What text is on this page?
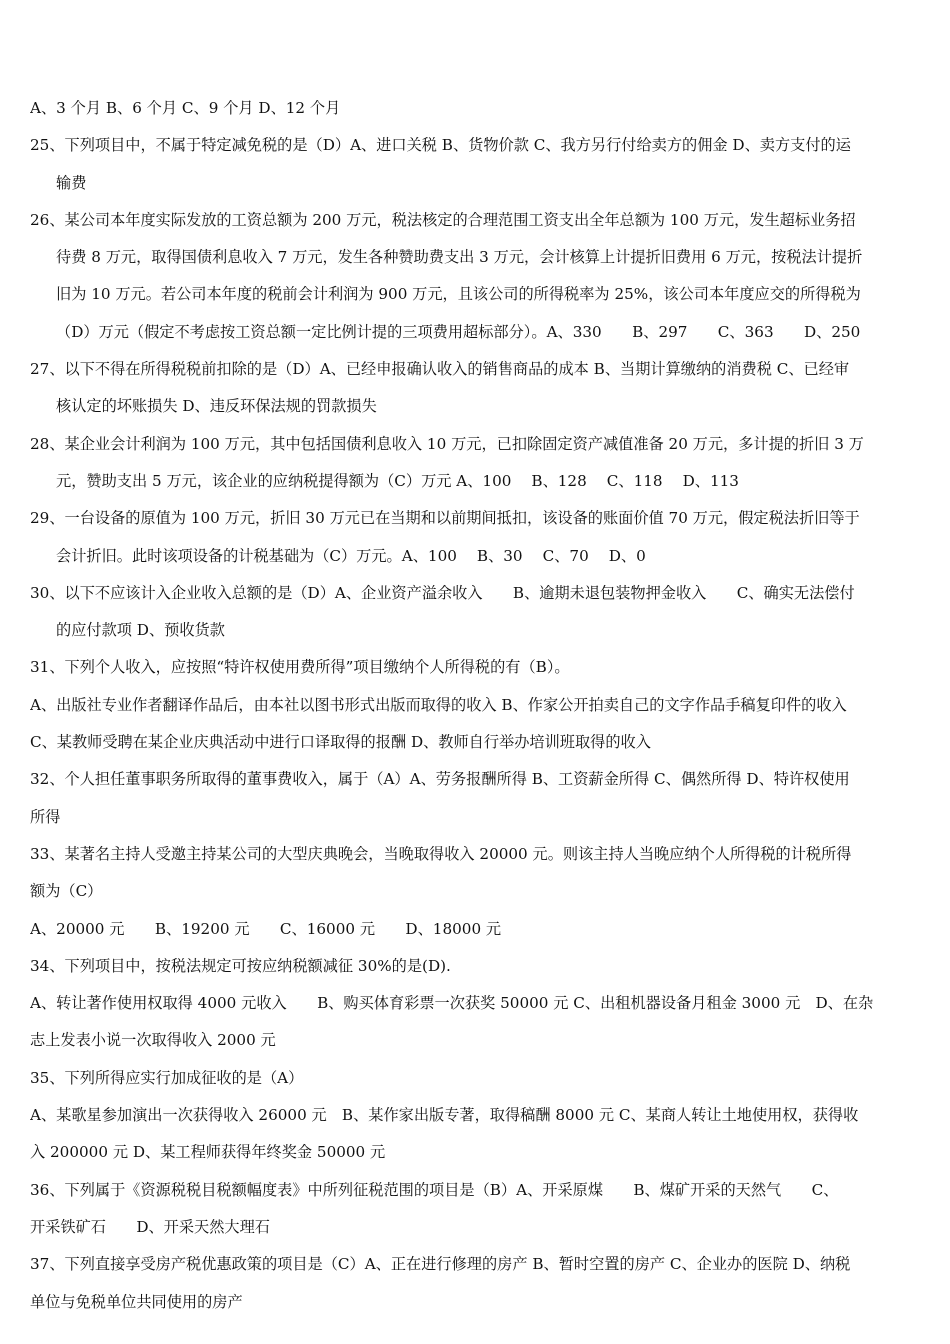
A、3 个月 B、6 个月 C、9 个月 D、12 个月
25、下列项目中，不属于特定减免税的是（D）A、进口关税 B、货物价款 C、我方另行付给卖方的佣金 D、卖方支付的运
输费
26、某公司本年度实际发放的工资总额为 200 万元，税法核定的合理范围工资支出全年总额为 100 万元，发生超标业务招
待费 8 万元，取得国债利息收入 7 万元，发生各种赞助费支出 3 万元，会计核算上计提折旧费用 6 万元，按税法计提折
旧为 10 万元。若公司本年度的税前会计利润为 900 万元，且该公司的所得税率为 25%，该公司本年度应交的所得税为
（D）万元（假定不考虑按工资总额一定比例计提的三项费用超标部分）。A、330　　B、297　　C、363　　D、250
27、以下不得在所得税税前扣除的是（D）A、已经申报确认收入的销售商品的成本 B、当期计算缴纳的消费税 C、已经审
核认定的坏账损失 D、违反环保法规的罚款损失
28、某企业会计利润为 100 万元，其中包括国债利息收入 10 万元，已扣除固定资产减值准备 20 万元，多计提的折旧 3 万
元，赞助支出 5 万元，该企业的应纳税提得额为（C）万元 A、100　 B、128　 C、118　 D、113
29、一台设备的原值为 100 万元，折旧 30 万元已在当期和以前期间抵扣，该设备的账面价值 70 万元，假定税法折旧等于
会计折旧。此时该项设备的计税基础为（C）万元。A、100　 B、30　 C、70　 D、0
30、以下不应该计入企业收入总额的是（D）A、企业资产溢余收入　　B、逾期未退包装物押金收入　　C、确实无法偿付
的应付款项 D、预收货款
31、下列个人收入，应按照“特许权使用费所得”项目缴纳个人所得税的有（B）。
A、出版社专业作者翻译作品后，由本社以图书形式出版而取得的收入 B、作家公开拍卖自己的文字作品手稿复印件的收入
C、某教师受聘在某企业庆典活动中进行口译取得的报酬 D、教师自行举办培训班取得的收入
32、个人担任董事职务所取得的董事费收入，属于（A）A、劳务报酬所得 B、工资薪金所得 C、偶然所得 D、特许权使用
所得
33、某著名主持人受邀主持某公司的大型庆典晚会，当晚取得收入 20000 元。则该主持人当晚应纳个人所得税的计税所得
额为（C）
A、20000 元　　B、19200 元　　C、16000 元　　D、18000 元
34、下列项目中，按税法规定可按应纳税额减征 30%的是(D).
A、转让著作使用权取得 4000 元收入　　B、购买体育彩票一次获奖 50000 元 C、出租机器设备月租金 3000 元　D、在杂
志上发表小说一次取得收入 2000 元
35、下列所得应实行加成征收的是（A）
A、某歌星参加演出一次获得收入 26000 元　B、某作家出版专著，取得稿酬 8000 元 C、某商人转让土地使用权，获得收
入 200000 元 D、某工程师获得年终奖金 50000 元
36、下列属于《资源税税目税额幅度表》中所列征税范围的项目是（B）A、开采原煤　　B、煤矿开采的天然气　　C、
开采铁矿石　　D、开采天然大理石
37、下列直接享受房产税优惠政策的项目是（C）A、正在进行修理的房产 B、暂时空置的房产 C、企业办的医院 D、纳税
单位与免税单位共同使用的房产
